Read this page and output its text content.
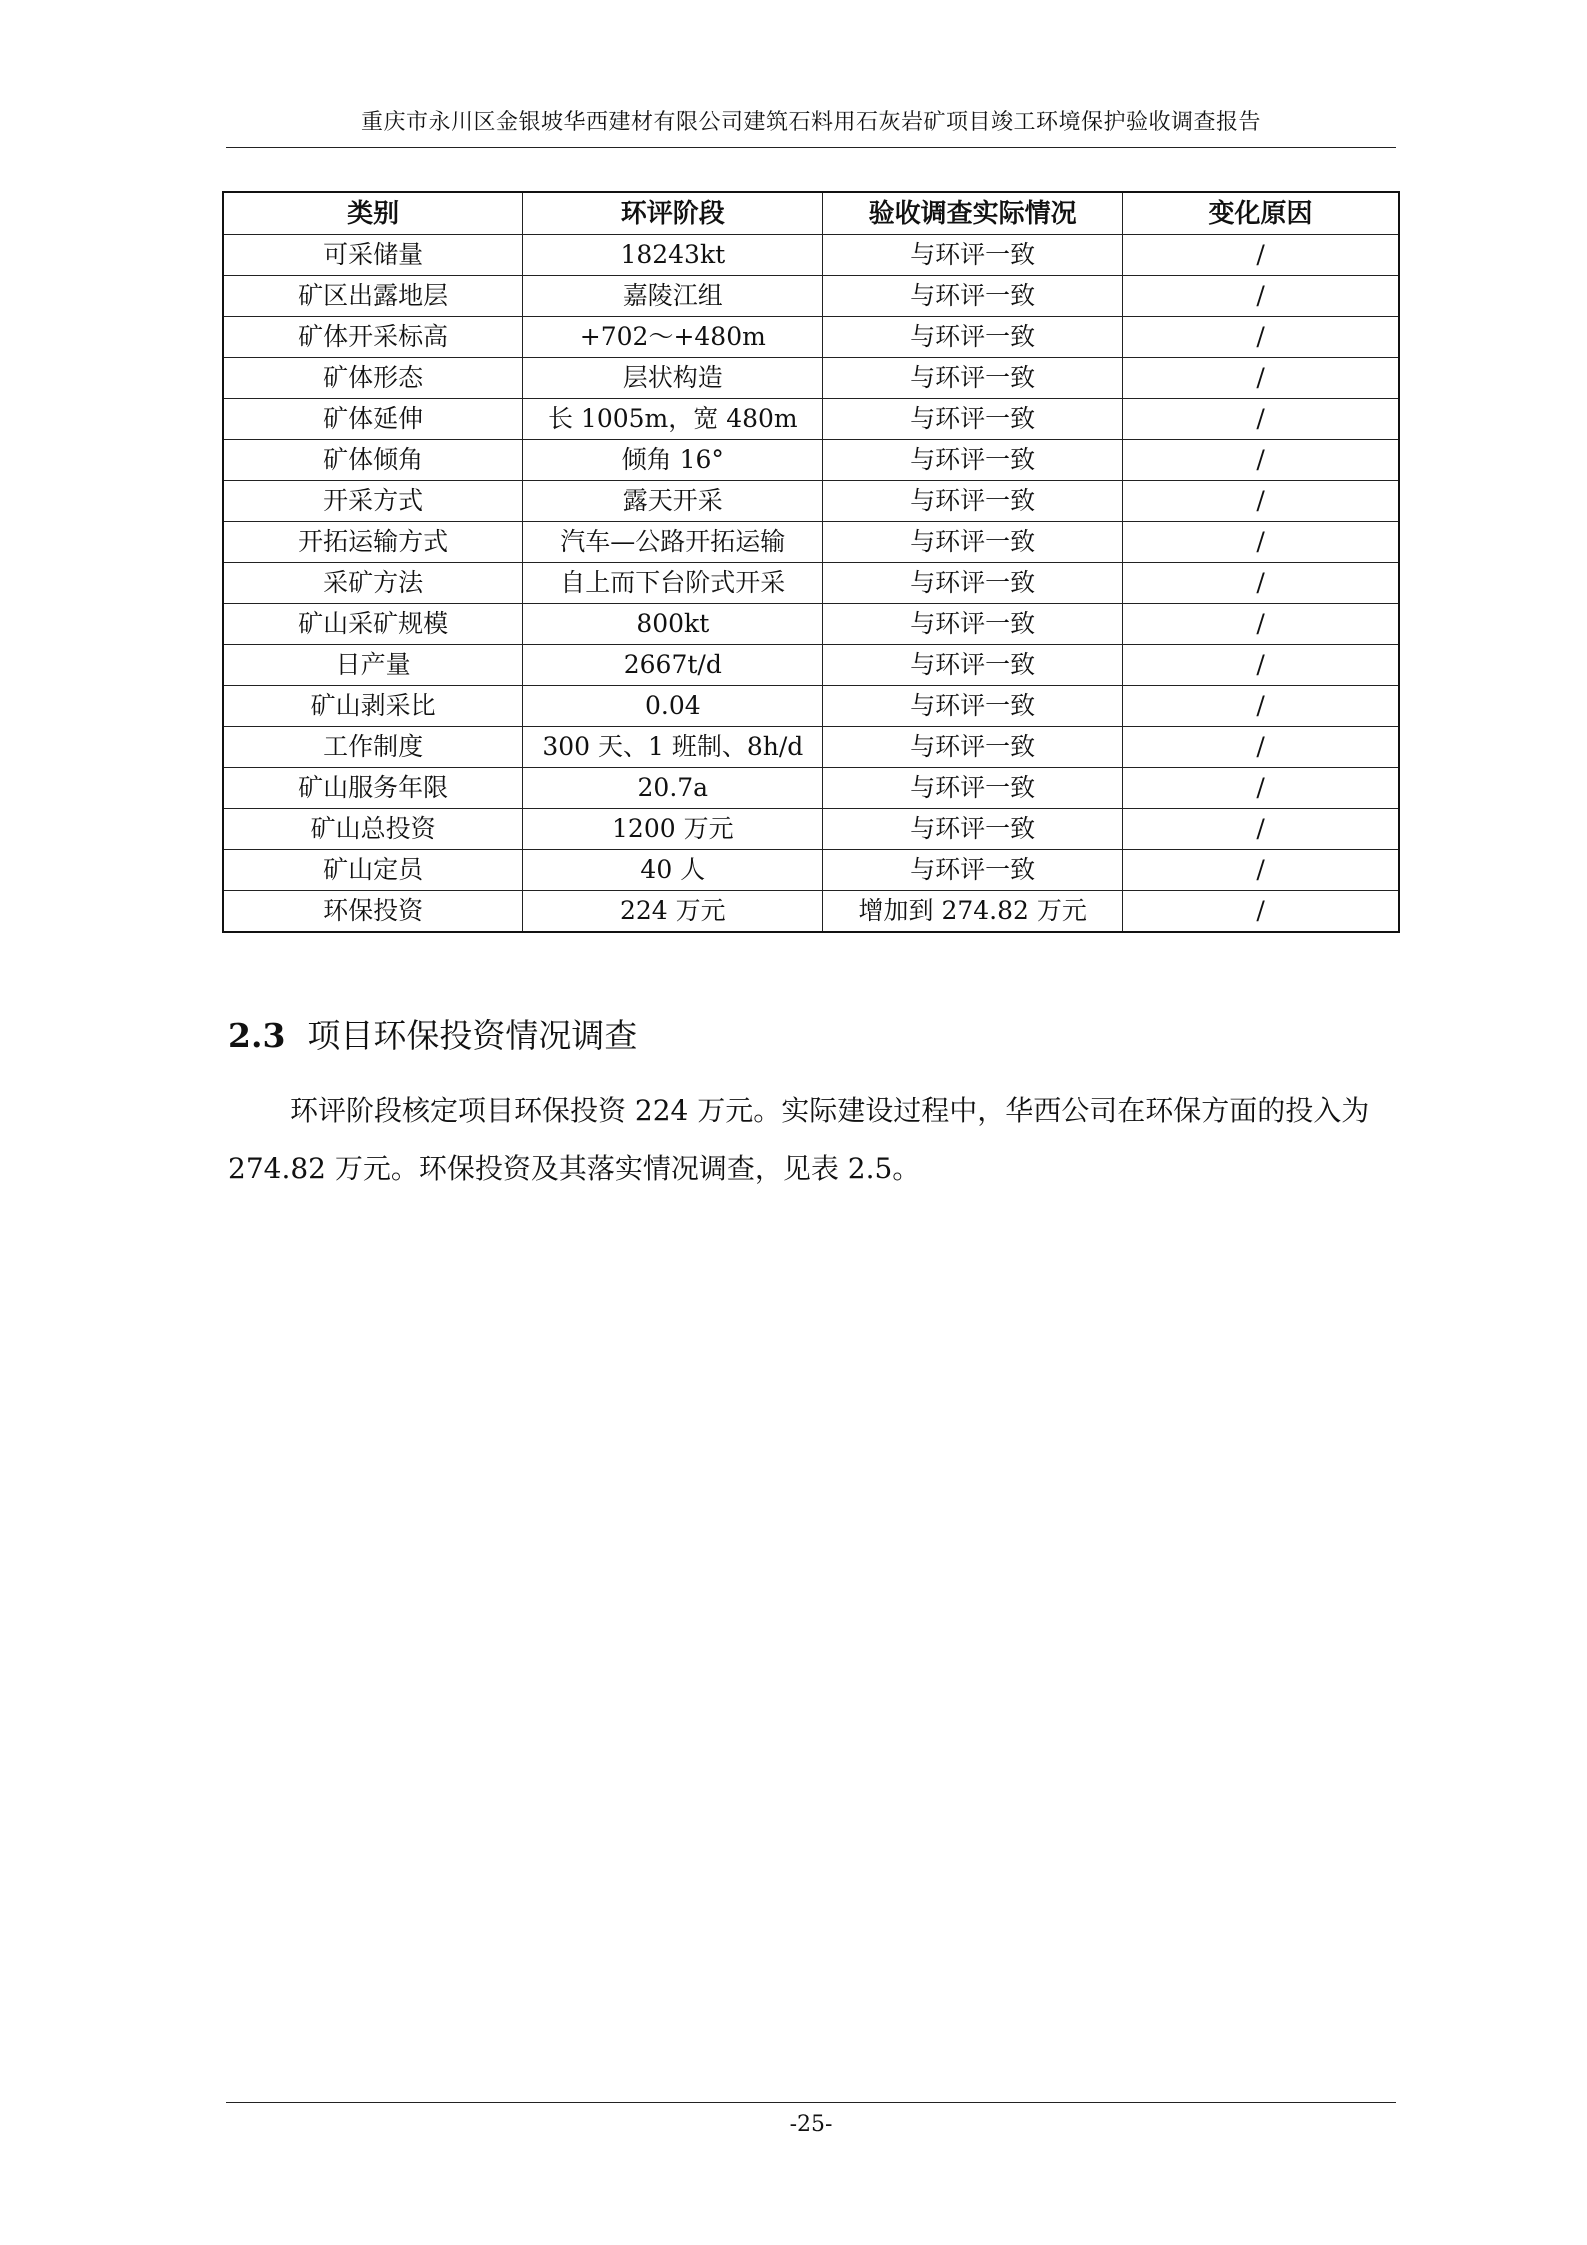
重庆市永川区金银坡华西建材有限公司建筑石料用石灰岩矿项目竣工环境保护验收调查报告
类别	环评阶段	验收调查实际情况	变化原因
可采储量	18243kt	与环评一致	/
矿区出露地层	嘉陵江组	与环评一致	/
矿体开采标高	+702～+480m	与环评一致	/
矿体形态	层状构造	与环评一致	/
矿体延伸	长 1005m，宽 480m	与环评一致	/
矿体倾角	倾角 16°	与环评一致	/
开采方式	露天开采	与环评一致	/
开拓运输方式	汽车—公路开拓运输	与环评一致	/
采矿方法	自上而下台阶式开采	与环评一致	/
矿山采矿规模	800kt	与环评一致	/
日产量	2667t/d	与环评一致	/
矿山剥采比	0.04	与环评一致	/
工作制度	300 天、1 班制、8h/d	与环评一致	/
矿山服务年限	20.7a	与环评一致	/
矿山总投资	1200 万元	与环评一致	/
矿山定员	40 人	与环评一致	/
环保投资	224 万元	增加到 274.82 万元	/
2.3 项目环保投资情况调查

环评阶段核定项目环保投资 224 万元。实际建设过程中，华西公司在环保方面的投入为 274.82 万元。环保投资及其落实情况调查，见表 2.5。

-25-
